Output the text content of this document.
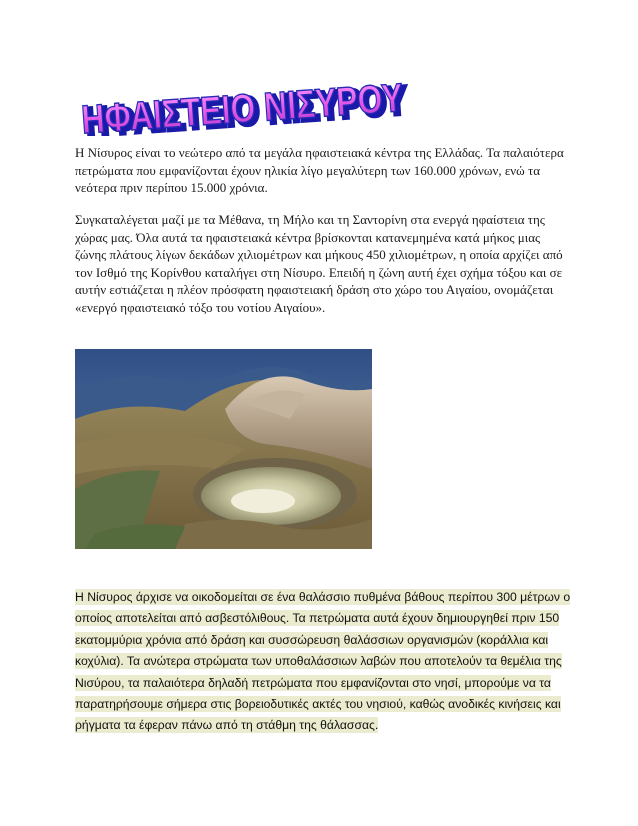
ΗΦΑΙΣΤΕΙΟ ΝΙΣΥΡΟΥ
ΗΦΑΙΣΤΕΙΟ ΝΙΣΥΡΟΥ

Η Νίσυρος είναι το νεώτερο από τα μεγάλα ηφαιστειακά κέντρα της Ελλάδας. Τα παλαιότερα πετρώματα που εμφανίζονται έχουν ηλικία λίγο μεγαλύτερη των 160.000 χρόνων, ενώ τα νεότερα πριν περίπου 15.000 χρόνια.

Συγκαταλέγεται μαζί με τα Μέθανα, τη Μήλο και τη Σαντορίνη στα ενεργά ηφαίστεια της χώρας μας. Όλα αυτά τα ηφαιστειακά κέντρα βρίσκονται κατανεμημένα κατά μήκος μιας ζώνης πλάτους λίγων δεκάδων χιλιομέτρων και μήκους 450 χιλιομέτρων, η οποία αρχίζει από τον Ισθμό της Κορίνθου καταλήγει στη Νίσυρο. Επειδή η ζώνη αυτή έχει σχήμα τόξου και σε αυτήν εστιάζεται η πλέον πρόσφατη ηφαιστειακή δράση στο χώρο του Αιγαίου, ονομάζεται «ενεργό ηφαιστειακό τόξο του νοτίου Αιγαίου».

Η Νίσυρος άρχισε να οικοδομείται σε ένα θαλάσσιο πυθμένα βάθους περίπου 300 μέτρων ο οποίος αποτελείται από ασβεστόλιθους. Τα πετρώματα αυτά έχουν δημιουργηθεί πριν 150 εκατομμύρια χρόνια από δράση και συσσώρευση θαλάσσιων οργανισμών (κοράλλια και κοχύλια). Τα ανώτερα στρώματα των υποθαλάσσιων λαβών που αποτελούν τα θεμέλια της Νισύρου, τα παλαιότερα δηλαδή πετρώματα που εμφανίζονται στο νησί, μπορούμε να τα παρατηρήσουμε σήμερα στις βορειοδυτικές ακτές του νησιού, καθώς ανοδικές κινήσεις και ρήγματα τα έφεραν πάνω από τη στάθμη της θάλασσας.
